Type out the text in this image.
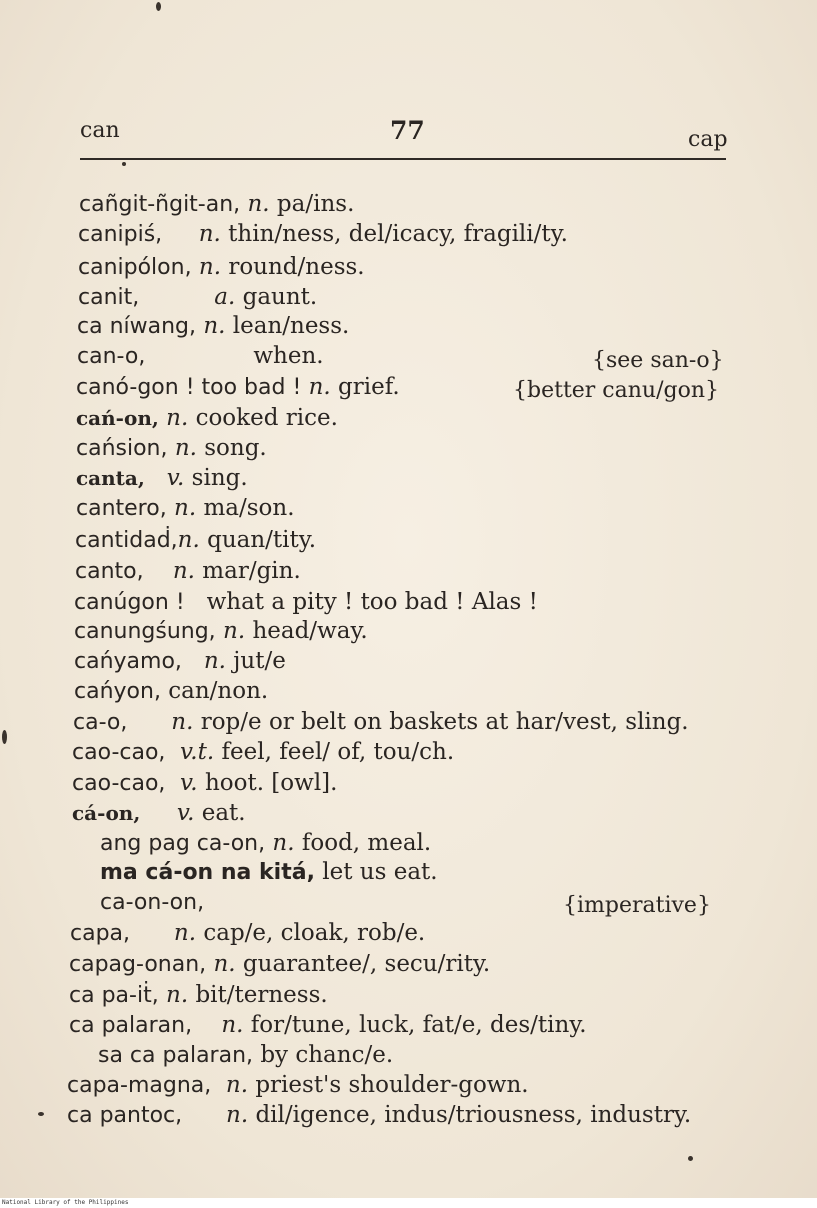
can	77	cap
cañgit-ñgit-an, n. pa/ins.
canipiś, n. thin/ness, del/icacy, fragili/ty.
canipólon, n. round/ness.
canit,	a. gaunt.
ca níwang, n. lean/ness.
can-o,	when.	{see san-o}
canó-gon ! too bad ! n. grief.	{better canu/gon}
cań-on, n. cooked rice.
cańsion, n. song.
canta, v. sing.
cantero, n. ma/son.
cantidaḋ,n. quan/tity.
canto, n. mar/gin.
canúgon ! what a pity ! too bad ! Alas !
canungśung, n. head/way.
cańyamo, n. jut/e
cańyon, can/non.
ca-o, n. rop/e or belt on baskets at har/vest, sling.
cao-cao, v.t. feel, feel/ of, tou/ch.
cao-cao, v. hoot. [owl].
cá-on, v. eat.
ang pag ca-on, n. food, meal.
ma cá-on na kitá, let us eat.
ca-on-on,	{imperative}
capa, n. cap/e, cloak, rob/e.
capag-onan, n. guarantee/, secu/rity.
ca pa-iṫ, n. bit/terness.
ca palaran, n. for/tune, luck, fat/e, des/tiny.
sa ca palaran, by chanc/e.
capa-magna, n. priest's shoulder-gown.
ca pantoc, n. dil/igence, indus/triousness, industry.
National Library of the Philippines
